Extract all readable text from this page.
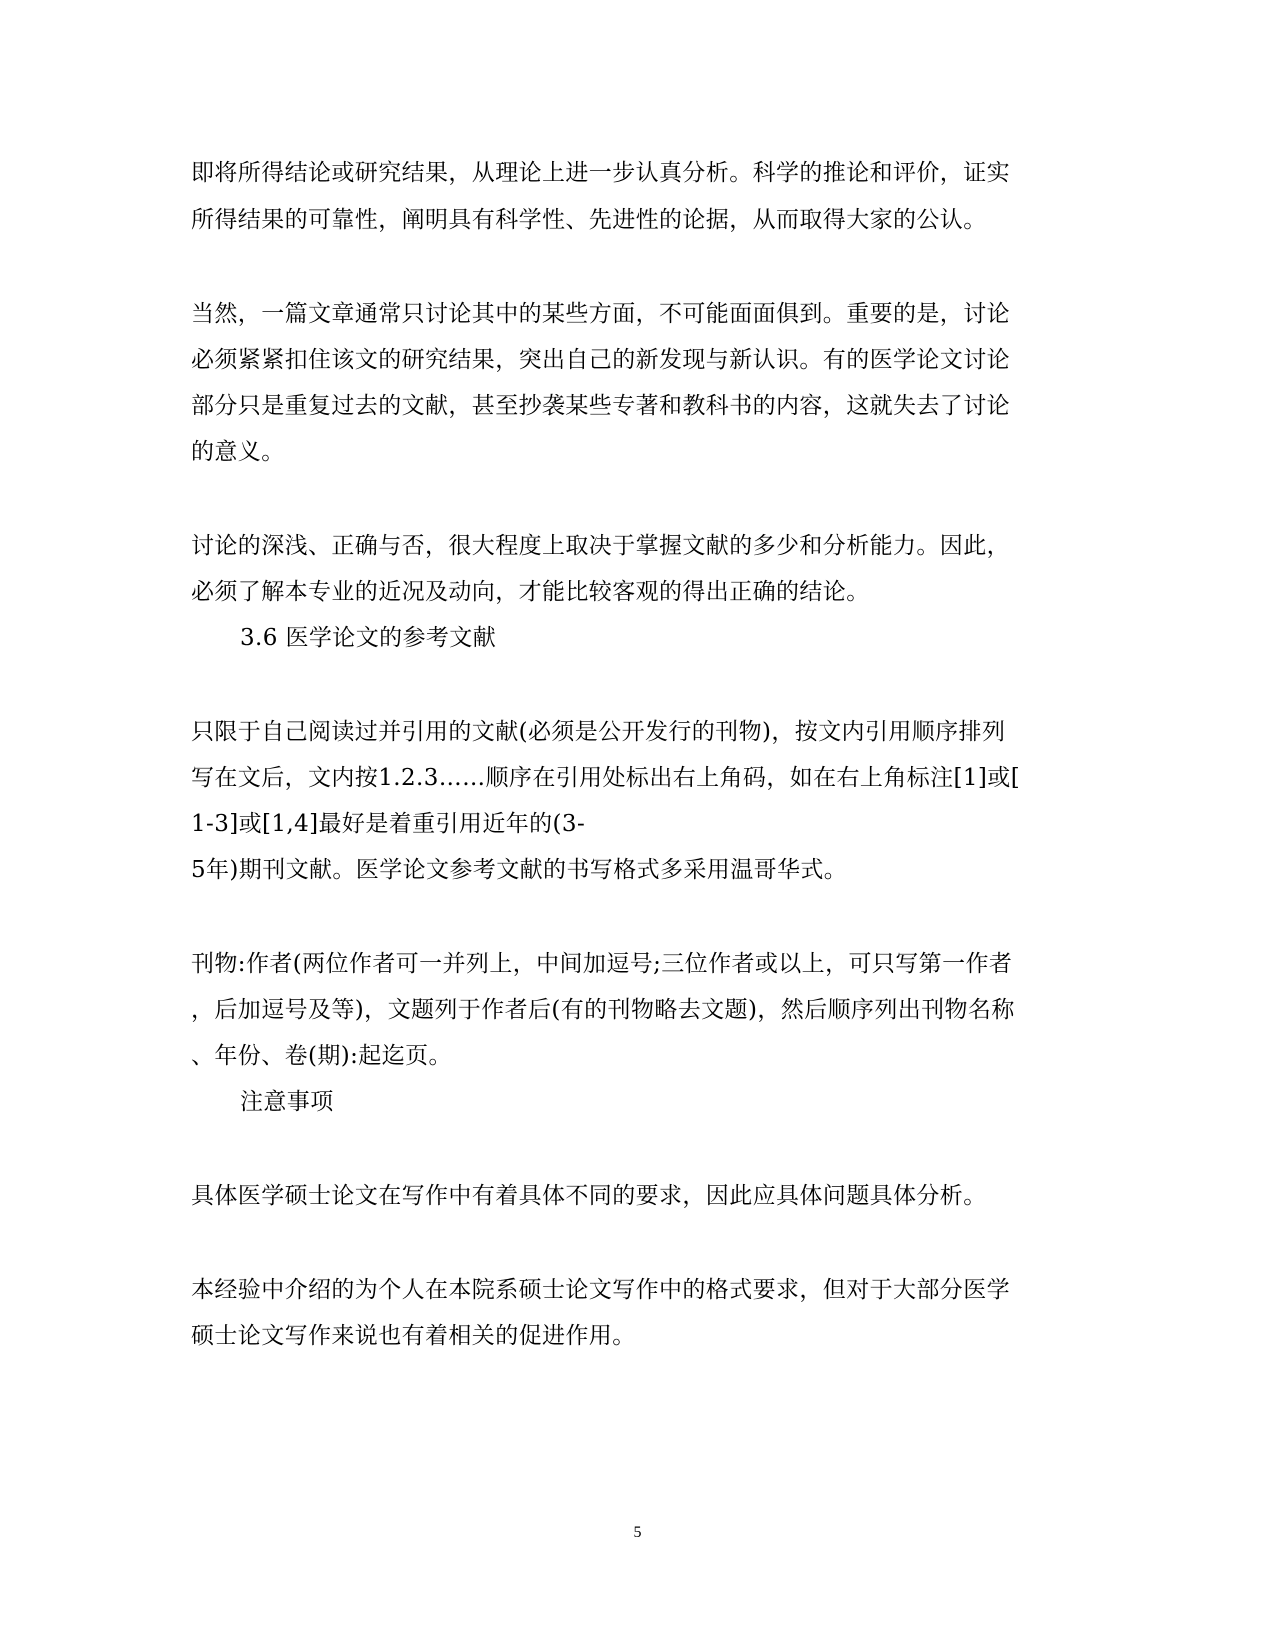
即将所得结论或研究结果，从理论上进一步认真分析。科学的推论和评价，证实
所得结果的可靠性，阐明具有科学性、先进性的论据，从而取得大家的公认。
当然，一篇文章通常只讨论其中的某些方面，不可能面面俱到。重要的是，讨论
必须紧紧扣住该文的研究结果，突出自己的新发现与新认识。有的医学论文讨论
部分只是重复过去的文献，甚至抄袭某些专著和教科书的内容，这就失去了讨论
的意义。
讨论的深浅、正确与否，很大程度上取决于掌握文献的多少和分析能力。因此，
必须了解本专业的近况及动向，才能比较客观的得出正确的结论。
3.6 医学论文的参考文献
只限于自己阅读过并引用的文献(必须是公开发行的刊物)，按文内引用顺序排列
写在文后，文内按1.2.3……顺序在引用处标出右上角码，如在右上角标注[1]或[
1-3]或[1,4]最好是着重引用近年的(3-
5年)期刊文献。医学论文参考文献的书写格式多采用温哥华式。
刊物:作者(两位作者可一并列上，中间加逗号;三位作者或以上，可只写第一作者
，后加逗号及等)，文题列于作者后(有的刊物略去文题)，然后顺序列出刊物名称
、年份、卷(期):起迄页。
注意事项
具体医学硕士论文在写作中有着具体不同的要求，因此应具体问题具体分析。
本经验中介绍的为个人在本院系硕士论文写作中的格式要求，但对于大部分医学
硕士论文写作来说也有着相关的促进作用。
5
